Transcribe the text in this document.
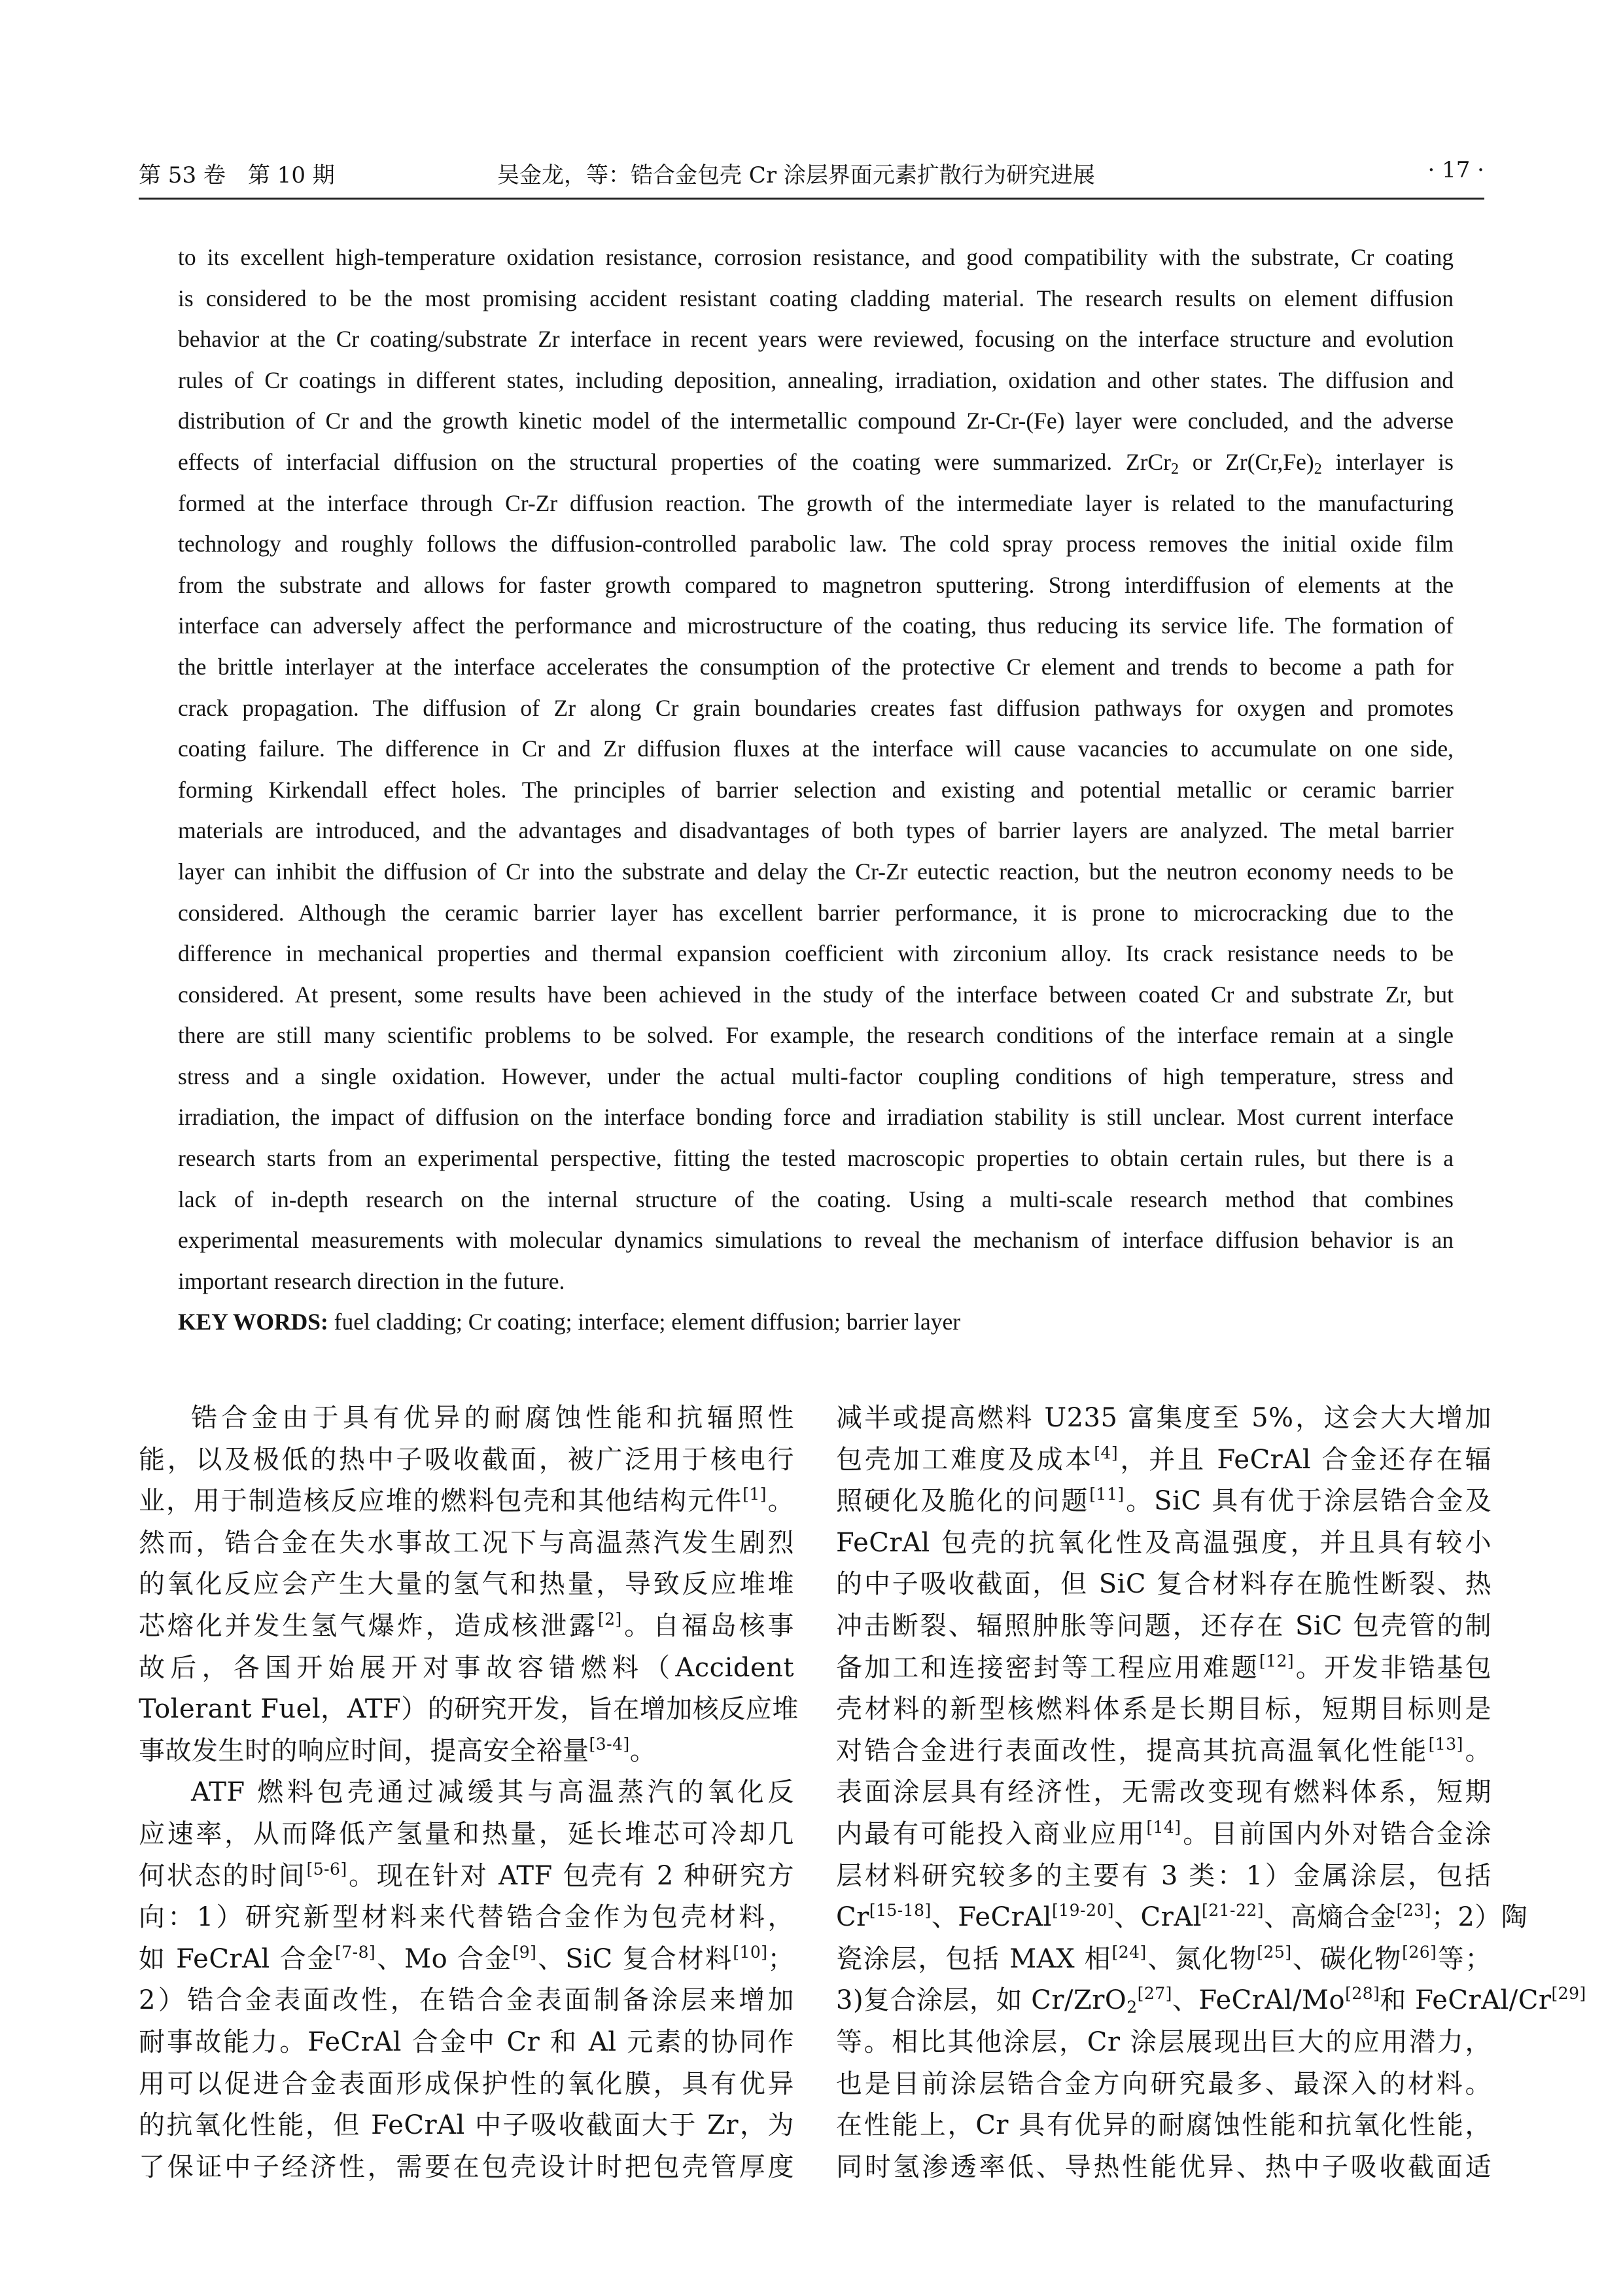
第 53 卷　第 10 期	吴金龙，等：锆合金包壳 Cr 涂层界面元素扩散行为研究进展	· 17 ·
to its excellent high-temperature oxidation resistance, corrosion resistance, and good compatibility with the substrate, Cr coating
is considered to be the most promising accident resistant coating cladding material. The research results on element diffusion
behavior at the Cr coating/substrate Zr interface in recent years were reviewed, focusing on the interface structure and evolution
rules of Cr coatings in different states, including deposition, annealing, irradiation, oxidation and other states. The diffusion and
distribution of Cr and the growth kinetic model of the intermetallic compound Zr-Cr-(Fe) layer were concluded, and the adverse
effects of interfacial diffusion on the structural properties of the coating were summarized. ZrCr$_2$ or $Zr(Cr,Fe)_2$ interlayer is
formed at the interface through Cr-Zr diffusion reaction. The growth of the intermediate layer is related to the manufacturing
technology and roughly follows the diffusion-controlled parabolic law. The cold spray process removes the initial oxide film
from the substrate and allows for faster growth compared to magnetron sputtering. Strong interdiffusion of elements at the
interface can adversely affect the performance and microstructure of the coating, thus reducing its service life. The formation of
the brittle interlayer at the interface accelerates the consumption of the protective Cr element and trends to become a path for
crack propagation. The diffusion of Zr along Cr grain boundaries creates fast diffusion pathways for oxygen and promotes
coating failure. The difference in Cr and Zr diffusion fluxes at the interface will cause vacancies to accumulate on one side,
forming Kirkendall effect holes. The principles of barrier selection and existing and potential metallic or ceramic barrier
materials are introduced, and the advantages and disadvantages of both types of barrier layers are analyzed. The metal barrier
layer can inhibit the diffusion of Cr into the substrate and delay the Cr-Zr eutectic reaction, but the neutron economy needs to be
considered. Although the ceramic barrier layer has excellent barrier performance, it is prone to microcracking due to the
difference in mechanical properties and thermal expansion coefficient with zirconium alloy. Its crack resistance needs to be
considered. At present, some results have been achieved in the study of the interface between coated Cr and substrate Zr, but
there are still many scientific problems to be solved. For example, the research conditions of the interface remain at a single
stress and a single oxidation. However, under the actual multi-factor coupling conditions of high temperature, stress and
irradiation, the impact of diffusion on the interface bonding force and irradiation stability is still unclear. Most current interface
research starts from an experimental perspective, fitting the tested macroscopic properties to obtain certain rules, but there is a
lack of in-depth research on the internal structure of the coating. Using a multi-scale research method that combines
experimental measurements with molecular dynamics simulations to reveal the mechanism of interface diffusion behavior is an
important research direction in the future.
KEY WORDS: fuel cladding; Cr coating; interface; element diffusion; barrier layer
锆合金由于具有优异的耐腐蚀性能和抗辐照性
能，以及极低的热中子吸收截面，被广泛用于核电行
业，用于制造核反应堆的燃料包壳和其他结构元件[1]。
然而，锆合金在失水事故工况下与高温蒸汽发生剧烈
的氧化反应会产生大量的氢气和热量，导致反应堆堆
芯熔化并发生氢气爆炸，造成核泄露[2]。自福岛核事
故后，各国开始展开对事故容错燃料（Accident
Tolerant Fuel，ATF）的研究开发，旨在增加核反应堆
事故发生时的响应时间，提高安全裕量[3-4]。
ATF 燃料包壳通过减缓其与高温蒸汽的氧化反
应速率，从而降低产氢量和热量，延长堆芯可冷却几
何状态的时间[5-6]。现在针对 ATF 包壳有 2 种研究方
向：1）研究新型材料来代替锆合金作为包壳材料，
如 FeCrAl 合金[7-8]、Mo 合金[9]、SiC 复合材料[10]；
2）锆合金表面改性，在锆合金表面制备涂层来增加
耐事故能力。FeCrAl 合金中 Cr 和 Al 元素的协同作
用可以促进合金表面形成保护性的氧化膜，具有优异
的抗氧化性能，但 FeCrAl 中子吸收截面大于 Zr，为
了保证中子经济性，需要在包壳设计时把包壳管厚度
减半或提高燃料 U235 富集度至 5%，这会大大增加
包壳加工难度及成本[4]，并且 FeCrAl 合金还存在辐
照硬化及脆化的问题[11]。SiC 具有优于涂层锆合金及
FeCrAl 包壳的抗氧化性及高温强度，并且具有较小
的中子吸收截面，但 SiC 复合材料存在脆性断裂、热
冲击断裂、辐照肿胀等问题，还存在 SiC 包壳管的制
备加工和连接密封等工程应用难题[12]。开发非锆基包
壳材料的新型核燃料体系是长期目标，短期目标则是
对锆合金进行表面改性，提高其抗高温氧化性能[13]。
表面涂层具有经济性，无需改变现有燃料体系，短期
内最有可能投入商业应用[14]。目前国内外对锆合金涂
层材料研究较多的主要有 3 类：1）金属涂层，包括
Cr[15-18]、FeCrAl[19-20]、CrAl[21-22]、高熵合金[23]；2）陶
瓷涂层，包括 MAX 相[24]、氮化物[25]、碳化物[26]等；
3)复合涂层，如 Cr/ZrO$_2$[27]、FeCrAl/Mo[28]和 FeCrAl/Cr[29]
等。相比其他涂层，Cr 涂层展现出巨大的应用潜力，
也是目前涂层锆合金方向研究最多、最深入的材料。
在性能上，Cr 具有优异的耐腐蚀性能和抗氧化性能，
同时氢渗透率低、导热性能优异、热中子吸收截面适
